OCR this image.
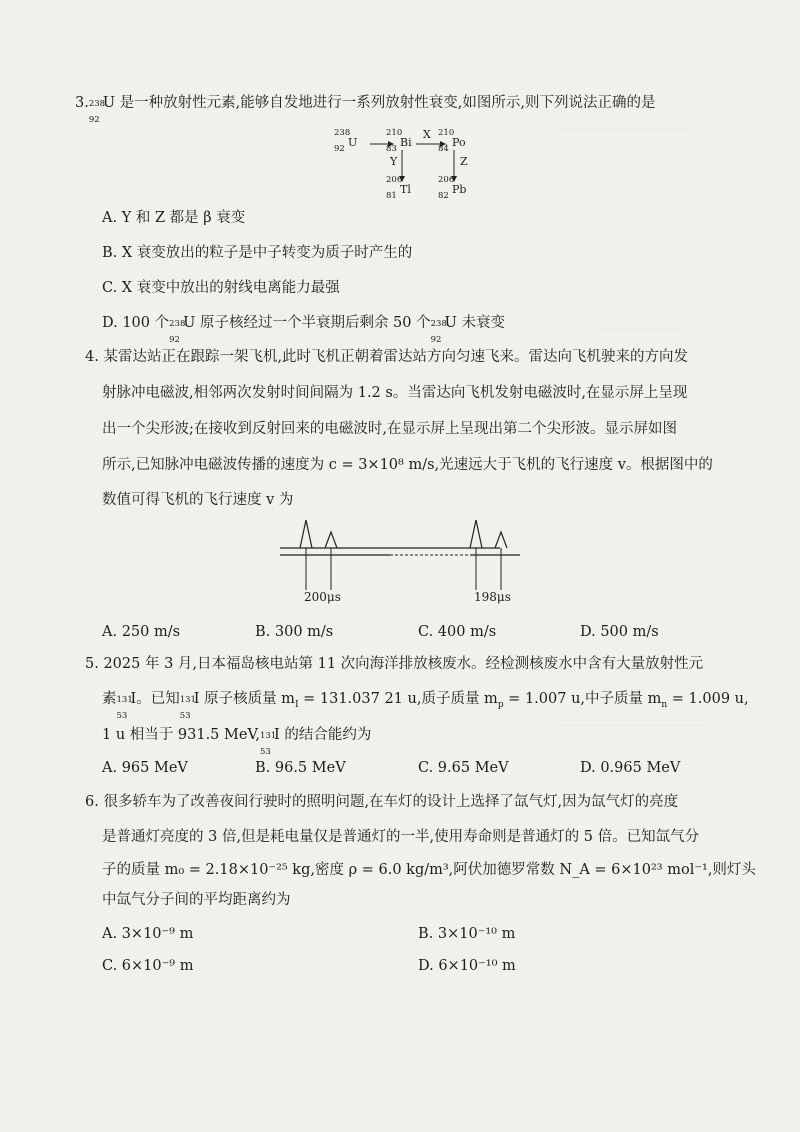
……………………………
…………………
………………………………
3. 238
92
U 是一种放射性元素,能够自发地进行一系列放射性衰变,如图所示,则下列说法正确的是
238
92 U
210
83 Bi
210
84 Po
206
81 Tl
206
82 Pb
X
Y	Z
A. Y 和 Z 都是 β 衰变
B. X 衰变放出的粒子是中子转变为质子时产生的
C. X 衰变中放出的射线电离能力最强
D. 100 个 238
92
U 原子核经过一个半衰期后剩余 50 个 238
92
U 未衰变
4. 某雷达站正在跟踪一架飞机,此时飞机正朝着雷达站方向匀速飞来。雷达向飞机驶来的方向发
射脉冲电磁波,相邻两次发射时间间隔为 1.2 s。当雷达向飞机发射电磁波时,在显示屏上呈现
出一个尖形波;在接收到反射回来的电磁波时,在显示屏上呈现出第二个尖形波。显示屏如图
所示,已知脉冲电磁波传播的速度为 c = 3×10⁸ m/s,光速远大于飞机的飞行速度 v。根据图中的
数值可得飞机的飞行速度 v 为
200μs	198μs
A. 250 m/s	B. 300 m/s	C. 400 m/s	D. 500 m/s
5. 2025 年 3 月,日本福岛核电站第 11 次向海洋排放核废水。经检测核废水中含有大量放射性元
素 131
53
I。已知 131
53
I 原子核质量 $m_I = 131.037$ 21 u,质子质量 $m_p = 1.007$ u,中子质量 $m_n = 1.009$ u,
1 u 相当于 931.5 MeV, 131
53
I 的结合能约为
A. 965 MeV	B. 96.5 MeV	C. 9.65 MeV	D. 0.965 MeV
6. 很多轿车为了改善夜间行驶时的照明问题,在车灯的设计上选择了氙气灯,因为氙气灯的亮度
是普通灯亮度的 3 倍,但是耗电量仅是普通灯的一半,使用寿命则是普通灯的 5 倍。已知氙气分
子的质量 m₀ = 2.18×10⁻²⁵ kg,密度 ρ = 6.0 kg/m³,阿伏加德罗常数 N_A = 6×10²³ mol⁻¹,则灯头
中氙气分子间的平均距离约为
A. 3×10⁻⁹ m	B. 3×10⁻¹⁰ m
C. 6×10⁻⁹ m	D. 6×10⁻¹⁰ m
